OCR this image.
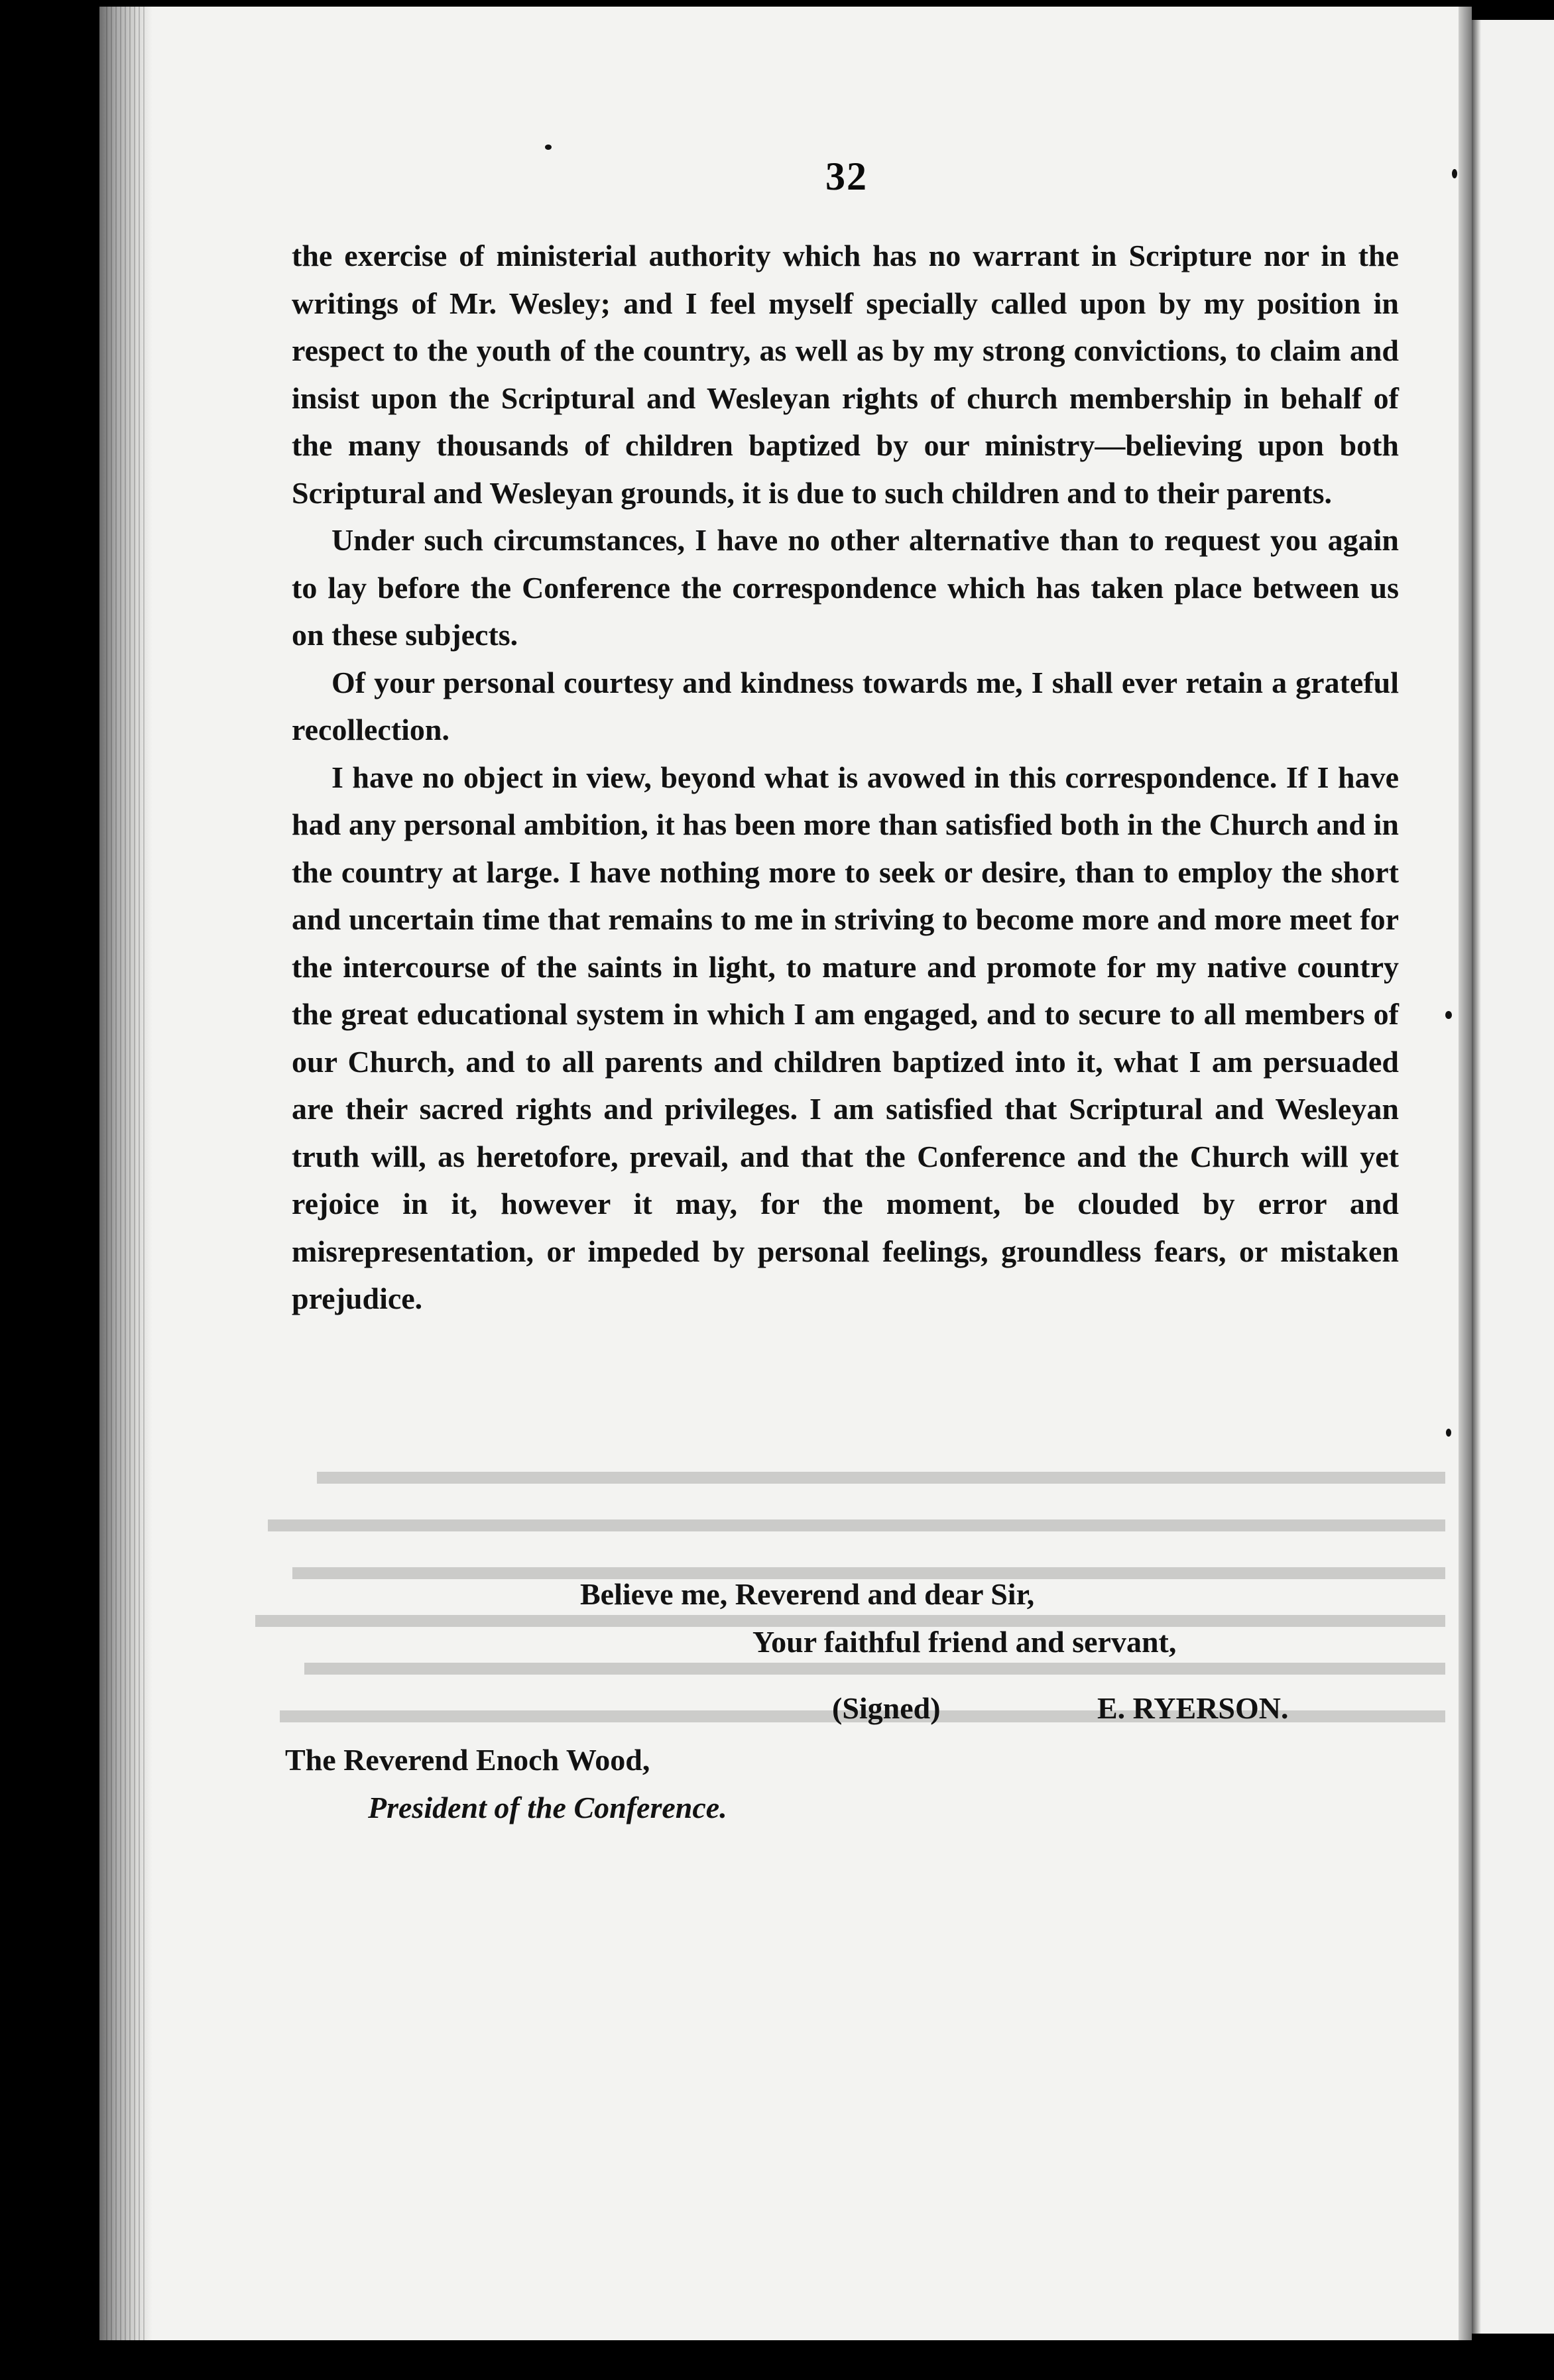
32

the exercise of ministerial authority which has no warrant in Scripture nor in the writings of Mr. Wesley; and I feel myself specially called upon by my position in respect to the youth of the country, as well as by my strong convictions, to claim and insist upon the Scriptural and Wesleyan rights of church membership in behalf of the many thousands of children baptized by our ministry—believing upon both Scriptural and Wesleyan grounds, it is due to such children and to their parents.

Under such circumstances, I have no other alternative than to request you again to lay before the Conference the correspondence which has taken place between us on these subjects.

Of your personal courtesy and kindness towards me, I shall ever retain a grateful recollection.

I have no object in view, beyond what is avowed in this correspondence. If I have had any personal ambition, it has been more than satisfied both in the Church and in the country at large. I have nothing more to seek or desire, than to employ the short and uncertain time that remains to me in striving to become more and more meet for the intercourse of the saints in light, to mature and promote for my native country the great educational system in which I am engaged, and to secure to all members of our Church, and to all parents and children baptized into it, what I am persuaded are their sacred rights and privileges. I am satisfied that Scriptural and Wesleyan truth will, as heretofore, prevail, and that the Conference and the Church will yet rejoice in it, however it may, for the moment, be clouded by error and misrepresentation, or impeded by personal feelings, groundless fears, or mistaken prejudice.

Believe me, Reverend and dear Sir,
Your faithful friend and servant,
(Signed)	E. RYERSON.
The Reverend Enoch Wood,
President of the Conference.
